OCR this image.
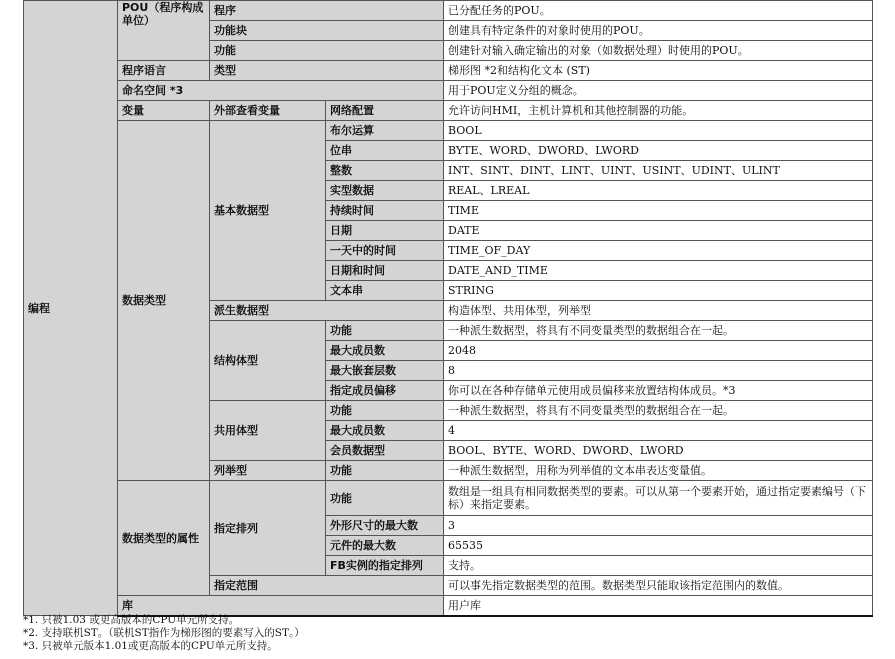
编程	POU（程序构成单位）	程序		已分配任务的POU。
		功能块		创建具有特定条件的对象时使用的POU。
		功能		创建针对输入确定输出的对象（如数据处理）时使用的POU。
	程序语言	类型		梯形图 *2和结构化文本 (ST)
	命名空间 *3			用于POU定义分组的概念。
	变量	外部查看变量	网络配置	允许访问HMI，主机计算机和其他控制器的功能。
	数据类型	基本数据型	布尔运算	BOOL
			位串	BYTE、WORD、DWORD、LWORD
			整数	INT、SINT、DINT、LINT、UINT、USINT、UDINT、ULINT
			实型数据	REAL、LREAL
			持续时间	TIME
			日期	DATE
			一天中的时间	TIME_OF_DAY
			日期和时间	DATE_AND_TIME
			文本串	STRING
		派生数据型		构造体型、共用体型，列举型
		结构体型	功能	一种派生数据型，将具有不同变量类型的数据组合在一起。
			最大成员数	2048
			最大嵌套层数	8
			指定成员偏移	你可以在各种存储单元使用成员偏移来放置结构体成员。*3
		共用体型	功能	一种派生数据型，将具有不同变量类型的数据组合在一起。
			最大成员数	4
			会员数据型	BOOL、BYTE、WORD、DWORD、LWORD
		列举型	功能	一种派生数据型，用称为列举值的文本串表达变量值。
	数据类型的属性	指定排列	功能	数组是一组具有相同数据类型的要素。可以从第一个要素开始，通过指定要素编号（下标）来指定要素。
			外形尺寸的最大数	3
			元件的最大数	65535
			FB实例的指定排列	支持。
		指定范围		可以事先指定数据类型的范围。数据类型只能取该指定范围内的数值。
	库			用户库
*1. 只被1.03 或更高版本的CPU单元所支持。
*2. 支持联机ST。（联机ST指作为梯形图的要素写入的ST。）
*3. 只被单元版本1.01或更高版本的CPU单元所支持。
